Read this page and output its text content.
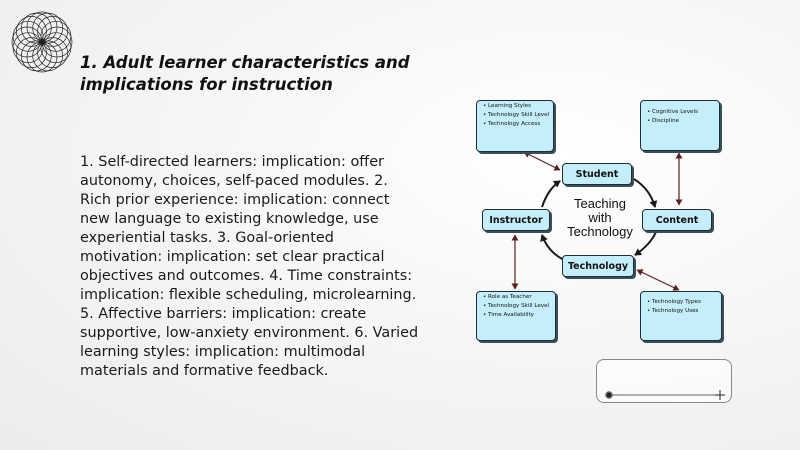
1. Adult learner characteristics and implications for instruction

1. Self-directed learners: implication: offer autonomy, choices, self-paced modules. 2. Rich prior experience: implication: connect new language to existing knowledge, use experiential tasks. 3. Goal-oriented motivation: implication: set clear practical objectives and outcomes. 4. Time constraints: implication: flexible scheduling, microlearning. 5. Affective barriers: implication: create supportive, low-anxiety environment. 6. Varied learning styles: implication: multimodal materials and formative feedback.

• Learning Styles
• Technology Skill Level
• Technology Access
• Cognitive Levels
• Discipline
• Role as Teacher
• Technology Skill Level
• Time Availability
• Technology Types
• Technology Uses
Student
Content
Technology
Instructor
Teaching
with
Technology
